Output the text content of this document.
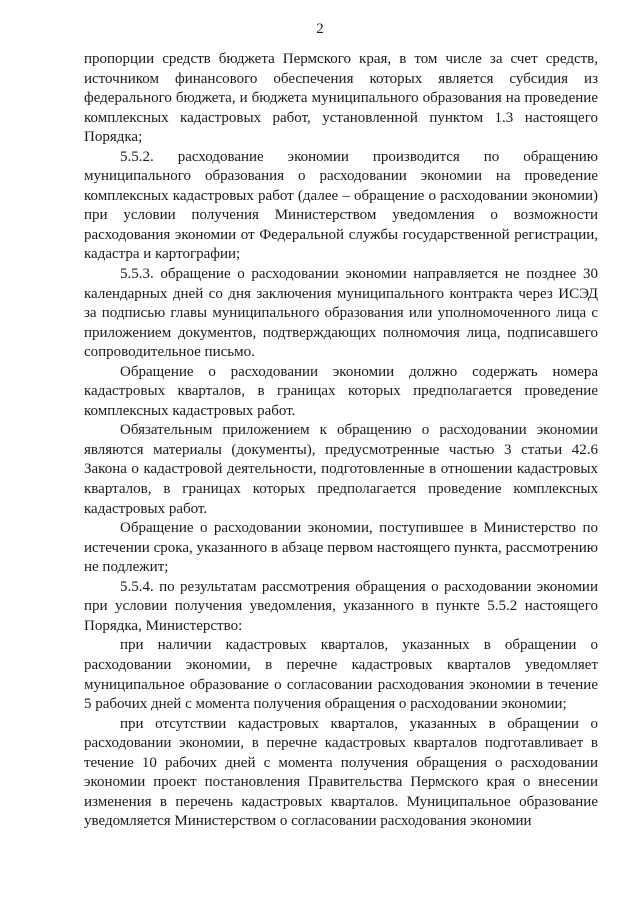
2

пропорции средств бюджета Пермского края, в том числе за счет средств, источником финансового обеспечения которых является субсидия из федерального бюджета, и бюджета муниципального образования на проведение комплексных кадастровых работ, установленной пунктом 1.3 настоящего Порядка;

5.5.2. расходование экономии производится по обращению муниципального образования о расходовании экономии на проведение комплексных кадастровых работ (далее – обращение о расходовании экономии) при условии получения Министерством уведомления о возможности расходования экономии от Федеральной службы государственной регистрации, кадастра и картографии;

5.5.3. обращение о расходовании экономии направляется не позднее 30 календарных дней со дня заключения муниципального контракта через ИСЭД за подписью главы муниципального образования или уполномоченного лица с приложением документов, подтверждающих полномочия лица, подписавшего сопроводительное письмо.

Обращение о расходовании экономии должно содержать номера кадастровых кварталов, в границах которых предполагается проведение комплексных кадастровых работ.

Обязательным приложением к обращению о расходовании экономии являются материалы (документы), предусмотренные частью 3 статьи 42.6 Закона о кадастровой деятельности, подготовленные в отношении кадастровых кварталов, в границах которых предполагается проведение комплексных кадастровых работ.

Обращение о расходовании экономии, поступившее в Министерство по истечении срока, указанного в абзаце первом настоящего пункта, рассмотрению не подлежит;

5.5.4. по результатам рассмотрения обращения о расходовании экономии при условии получения уведомления, указанного в пункте 5.5.2 настоящего Порядка, Министерство:

при наличии кадастровых кварталов, указанных в обращении о расходовании экономии, в перечне кадастровых кварталов уведомляет муниципальное образование о согласовании расходования экономии в течение 5 рабочих дней с момента получения обращения о расходовании экономии;

при отсутствии кадастровых кварталов, указанных в обращении о расходовании экономии, в перечне кадастровых кварталов подготавливает в течение 10 рабочих дней с момента получения обращения о расходовании экономии проект постановления Правительства Пермского края о внесении изменения в перечень кадастровых кварталов. Муниципальное образование уведомляется Министерством о согласовании расходования экономии
